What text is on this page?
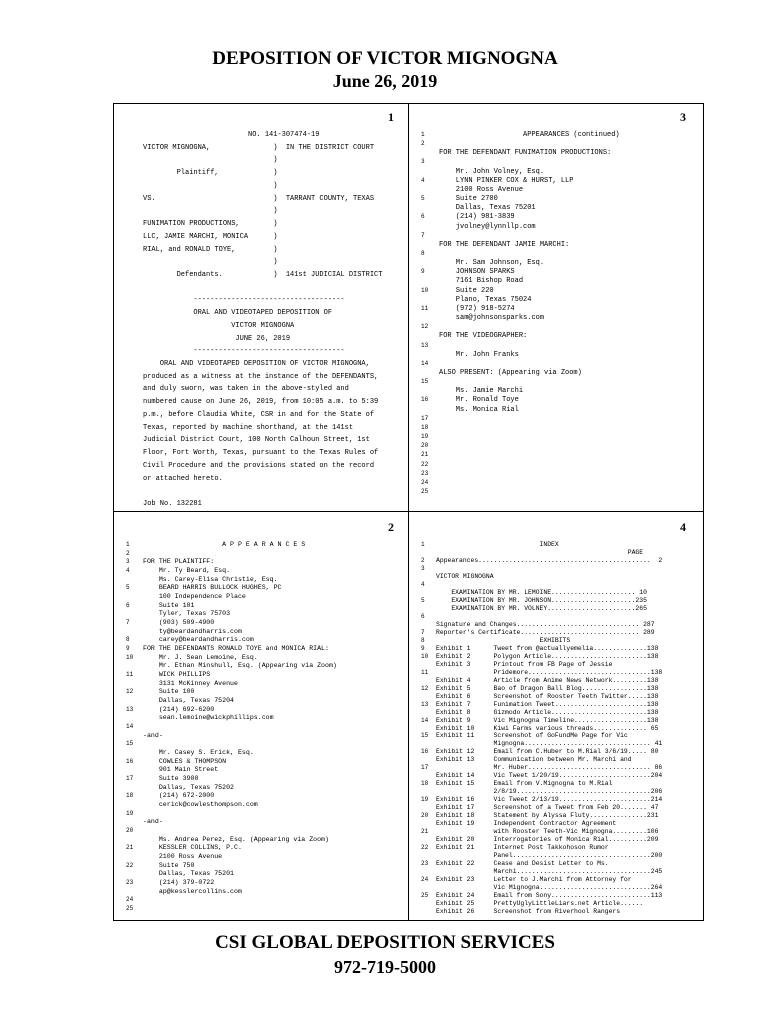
DEPOSITION OF VICTOR MIGNOGNA
June 26, 2019
1	3
2	4
NO. 141-307474-19
VICTOR MIGNOGNA,               )  IN THE DISTRICT COURT
)
Plaintiff,             )
)
VS.                            )  TARRANT COUNTY, TEXAS
)
FUNIMATION PRODUCTIONS,        )
LLC, JAMIE MARCHI, MONICA      )
RIAL, and RONALD TOYE,         )
)
Defendants.            )  141st JUDICIAL DISTRICT
------------------------------------
ORAL AND VIDEOTAPED DEPOSITION OF
VICTOR MIGNOGNA
JUNE 26, 2019
------------------------------------
ORAL AND VIDEOTAPED DEPOSITION OF VICTOR MIGNOGNA,
produced as a witness at the instance of the DEFENDANTS,
and duly sworn, was taken in the above-styled and
numbered cause on June 26, 2019, from 10:05 a.m. to 5:39
p.m., before Claudia White, CSR in and for the State of
Texas, reported by machine shorthand, at the 141st
Judicial District Court, 100 North Calhoun Street, 1st
Floor, Fort Worth, Texas, pursuant to the Texas Rules of
Civil Procedure and the provisions stated on the record
or attached hereto.
Job No. 132281
1 A P P E A R A N C E S
2
3 FOR THE PLAINTIFF:
4 Mr. Ty Beard, Esq.
Ms. Carey-Elisa Christie, Esq.
5 BEARD HARRIS BULLOCK HUGHES, PC
100 Independence Place
6 Suite 101
Tyler, Texas 75703
7 (903) 509-4900
ty@beardandharris.com
8 carey@beardandharris.com
9 FOR THE DEFENDANTS RONALD TOYE and MONICA RIAL:
10 Mr. J. Sean Lemoine, Esq.
Mr. Ethan Minshull, Esq. (Appearing via Zoom)
11 WICK PHILLIPS
3131 McKinney Avenue
12 Suite 100
Dallas, Texas 75204
13 (214) 692-6200
sean.lemoine@wickphillips.com
14
-and-
15
Mr. Casey S. Erick, Esq.
16 COWLES & THOMPSON
901 Main Street
17 Suite 3900
Dallas, Texas 75202
18 (214) 672-2000
cerick@cowlesthompson.com
19
-and-
20
Ms. Andrea Perez, Esq. (Appearing via Zoom)
21 KESSLER COLLINS, P.C.
2100 Ross Avenue
22 Suite 750
Dallas, Texas 75201
23 (214) 379-0722
ap@kesslercollins.com
24
25
1 APPEARANCES (continued)
2
FOR THE DEFENDANT FUNIMATION PRODUCTIONS:
3
Mr. John Volney, Esq.
4 LYNN PINKER COX & HURST, LLP
2100 Ross Avenue
5 Suite 2700
Dallas, Texas 75201
6 (214) 981-3839
jvolney@lynnllp.com
7
FOR THE DEFENDANT JAMIE MARCHI:
8
Mr. Sam Johnson, Esq.
9 JOHNSON SPARKS
7161 Bishop Road
10 Suite 220
Plano, Texas 75024
11 (972) 918-5274
sam@johnsonsparks.com
12
FOR THE VIDEOGRAPHER:
13
Mr. John Franks
14
ALSO PRESENT: (Appearing via Zoom)
15
Ms. Jamie Marchi
16 Mr. Ronald Toye
Ms. Monica Rial
17
18
19
20
21
22
23
24
25
1 INDEX
PAGE
2 Appearances.............................................  2
3
VICTOR MIGNOGNA
4
EXAMINATION BY MR. LEMOINE...................... 10
5 EXAMINATION BY MR. JOHNSON......................235
EXAMINATION BY MR. VOLNEY.......................265
6
Signature and Changes................................ 287
7 Reporter's Certificate............................... 289
8 EXHIBITS
9 Exhibit 1      Tweet from @actuallyemelia..............138
10 Exhibit 2      Polygon Article.........................138
Exhibit 3      Printout from FB Page of Jessie
11 Pridemore................................138
Exhibit 4      Article from Anime News Network.........138
12 Exhibit 5      Bao of Dragon Ball Blog.................138
Exhibit 6      Screenshot of Rooster Teeth Twitter.....138
13 Exhibit 7      Funimation Tweet........................138
Exhibit 8      Gizmodo Article.........................138
14 Exhibit 9      Vic Mignogna Timeline...................138
Exhibit 10     Kiwi Farms various threads.............. 65
15 Exhibit 11     Screenshot of GoFundMe Page for Vic
Mignogna................................. 41
16 Exhibit 12     Email from C.Huber to M.Rial 3/6/19..... 80
Exhibit 13     Communication between Mr. Marchi and
17 Mr. Huber................................ 86
Exhibit 14     Vic Tweet 1/20/19........................204
18 Exhibit 15     Email from V.Mignogna to M.Rial
2/8/19...................................206
19 Exhibit 16     Vic Tweet 2/13/19........................214
Exhibit 17     Screenshot of a Tweet from Feb 20....... 47
20 Exhibit 18     Statement by Alyssa Fluty...............231
Exhibit 19     Independent Contractor Agreement
21 with Rooster Teeth-Vic Mignogna.........106
Exhibit 20     Interrogatories of Monica Rial..........209
22 Exhibit 21     Internet Post Takkohoson Rumor
Panel....................................200
23 Exhibit 22     Cease and Desist Letter to Ms.
Marchi...................................245
24 Exhibit 23     Letter to J.Marchi from Attorney for
Vic Mignogna.............................264
25 Exhibit 24     Email from Sony..........................113
Exhibit 25     PrettyUglyLittleLiars.net Article......
Exhibit 26     Screenshot from Riverhool Rangers
CSI GLOBAL DEPOSITION SERVICES
972-719-5000
